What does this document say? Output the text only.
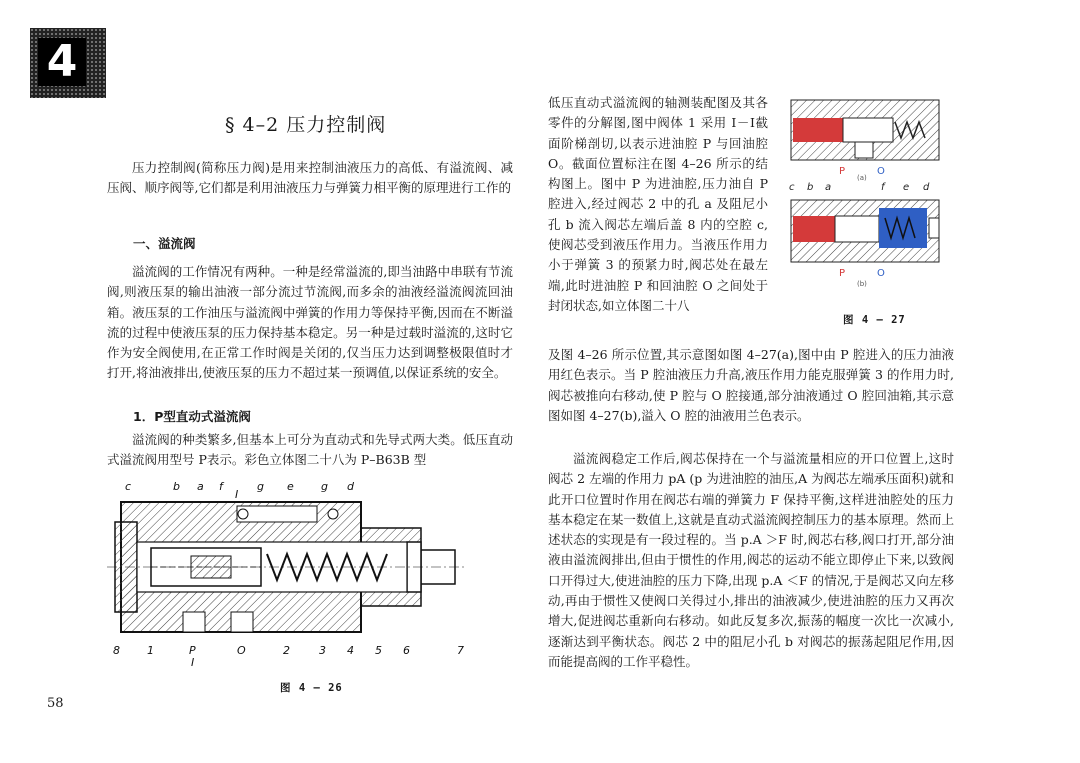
4
§ 4–2 压力控制阀

压力控制阀(简称压力阀)是用来控制油液压力的高低、有溢流阀、减压阀、顺序阀等,它们都是利用油液压力与弹簧力相平衡的原理进行工作的

一、溢流阀

溢流阀的工作情况有两种。一种是经常溢流的,即当油路中串联有节流阀,则液压泵的输出油液一部分流过节流阀,而多余的油液经溢流阀流回油箱。液压泵的工作油压与溢流阀中弹簧的作用力等保持平衡,因而在不断溢流的过程中使液压泵的压力保持基本稳定。另一种是过载时溢流的,这时它作为安全阀使用,在正常工作时阀是关闭的,仅当压力达到调整极限值时才打开,将油液排出,使液压泵的压力不超过某一预调值,以保证系统的安全。

1．P型直动式溢流阀

溢流阀的种类繁多,但基本上可分为直动式和先导式两大类。低压直动式溢流阀用型号 P表示。彩色立体图二十八为 P–B63B 型

c	b a f
I
g e g d
8 1	P	O	2	3 4 5 6	7
I
图 4 – 26

低压直动式溢流阀的轴测装配图及其各零件的分解图,图中阀体 1 采用 Ⅰ－Ⅰ截面阶梯剖切,以表示进油腔 P 与回油腔 O。截面位置标注在图 4–26 所示的结构图上。图中 P 为进油腔,压力油自 P 腔进入,经过阀芯 2 中的孔 a 及阻尼小孔 b 流入阀芯左端后盖 8 内的空腔 c,使阀芯受到液压作用力。当液压作用力小于弹簧 3 的预紧力时,阀芯处在最左端,此时进油腔 P 和回油腔 O 之间处于封闭状态,如立体图二十八

P	O
(a)
c b a	f e d
P	O
(b)
图 4 – 27

及图 4–26 所示位置,其示意图如图 4–27(a),图中由 P 腔进入的压力油液用红色表示。当 P 腔油液压力升高,液压作用力能克服弹簧 3 的作用力时,阀芯被推向右移动,使 P 腔与 O 腔接通,部分油液通过 O 腔回油箱,其示意图如图 4–27(b),溢入 O 腔的油液用兰色表示。

溢流阀稳定工作后,阀芯保持在一个与溢流量相应的开口位置上,这时阀芯 2 左端的作用力 pA (p 为进油腔的油压,A 为阀芯左端承压面积)就和此开口位置时作用在阀芯右端的弹簧力 F 保持平衡,这样进油腔处的压力基本稳定在某一数值上,这就是直动式溢流阀控制压力的基本原理。然而上述状态的实现是有一段过程的。当 p.A ＞F 时,阀芯右移,阀口打开,部分油液由溢流阀排出,但由于惯性的作用,阀芯的运动不能立即停止下来,以致阀口开得过大,使进油腔的压力下降,出现 p.A ＜F 的情况,于是阀芯又向左移动,再由于惯性又使阀口关得过小,排出的油液减少,使进油腔的压力又再次增大,促进阀芯重新向右移动。如此反复多次,振荡的幅度一次比一次减小,逐渐达到平衡状态。阀芯 2 中的阻尼小孔 b 对阀芯的振荡起阻尼作用,因而能提高阀的工作平稳性。

58
